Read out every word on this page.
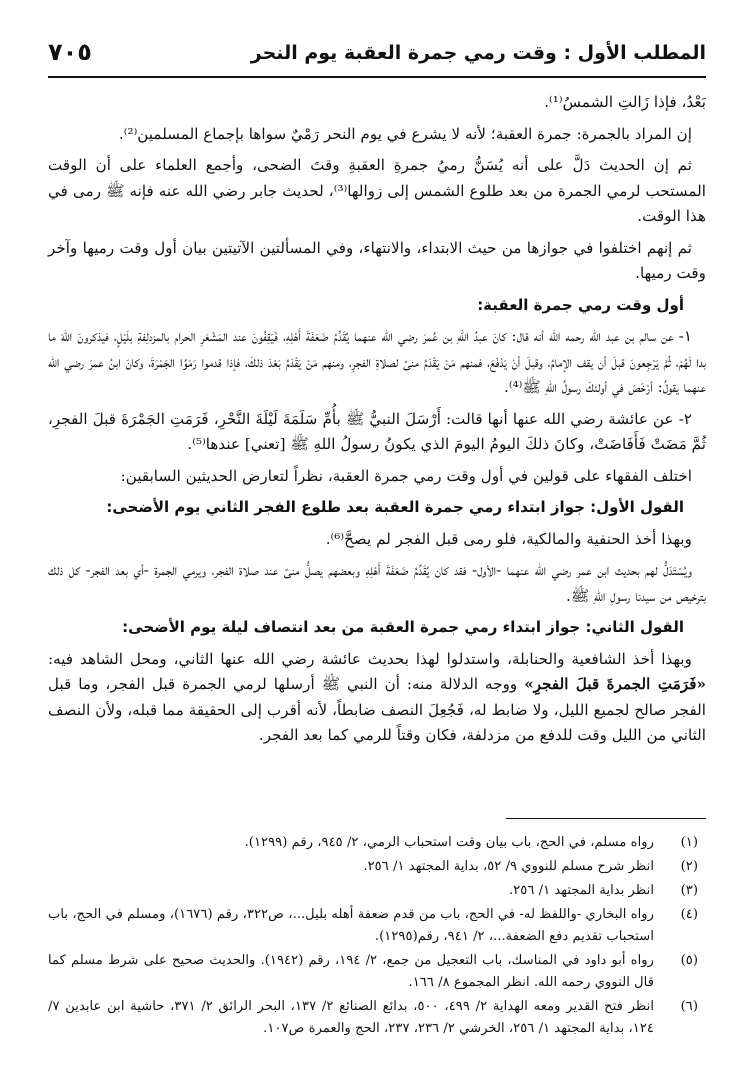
المطلب الأول : وقت رمي جمرة العقبة يوم النحر
٧٠٥

بَعْدُ، فإذا زَالتِ الشمسُ⁽¹⁾.

إن المراد بالجمرة: جمرة العقبة؛ لأنه لا يشرع في يوم النحر رَمْيٌ سواها بإجماع المسلمين⁽²⁾.

ثم إن الحديث دَلَّ على أنه يُسَنُّ رميُ جمرةِ العقبةِ وقتَ الضحى، وأجمع العلماء على أن الوقت المستحب لرمي الجمرة من بعد طلوع الشمس إلى زوالها⁽³⁾، لحديث جابر رضي الله عنه فإنه ﷺ رمى في هذا الوقت.

ثم إنهم اختلفوا في جوازها من حيث الابتداء، والانتهاء، وفي المسألتين الآتيتين بيان أول وقت رميها وآخر وقت رميها.

أول وقت رمي جمرة العقبة:

١- عن سالم بن عبد الله رحمه الله أنه قال: كانَ عبدُ اللهِ بن عُمرَ رضي الله عنهما يُقَدِّمُ ضَعَفَةَ أَهْلِهِ، فَيَقِفُونَ عند المَشْعَرِ الحرام بالمزدلِفةِ بلَيْلٍ، فيذكرونَ اللهَ ما بدا لَهُمْ، ثُمَّ يَرْجِعونَ قبلَ أن يقف الإمامُ، وقبلَ أنْ يَدْفَعَ، فمنهم مَنْ يَقْدَمُ منىً لصلاةِ الفجرِ، ومنهم مَنْ يَقْدَمُ بَعْدَ ذلكَ، فإذا قدموا رَمَوُا الجَمْرَةَ، وكانَ ابنُ عمرَ رضي الله عنهما يقولُ: أرْخَصَ في أولئكَ رسولُ اللهِ ﷺ⁽⁴⁾.

٢- عن عائشة رضي الله عنها أنها قالت: أَرْسَلَ النبيُّ ﷺ بأُمِّ سَلَمَةَ لَيْلَةَ النَّحْرِ، فَرَمَتِ الجَمْرَةَ قبلَ الفجرِ، ثُمَّ مَضَتْ فَأَفَاضَتْ، وكانَ ذلكَ اليومُ اليومَ الذي يكونُ رسولُ اللهِ ﷺ [تعني] عندها⁽⁵⁾.

اختلف الفقهاء على قولين في أول وقت رمي جمرة العقبة، نظراً لتعارض الحديثين السابقين:

القول الأول: جواز ابتداء رمي جمرة العقبة بعد طلوع الفجر الثاني يوم الأضحى:

وبهذا أخذ الحنفية والمالكية، فلو رمى قبل الفجر لم يصحَّ⁽⁶⁾.

ويُسْتَدَلُّ لهم بحديث ابن عمر رضي الله عنهما -الأول- فقد كان يُقَدِّمُ ضَعَفَةَ أَهْلِهِ وبعضهم يصلُّ منىً عند صلاة الفجر، ويرمي الجمرة -أي بعد الفجر- كل ذلك بترخيص من سيدنا رسولِ اللهِ ﷺ.

القول الثاني: جواز ابتداء رمي جمرة العقبة من بعد انتصاف ليلة يوم الأضحى:

وبهذا أخذ الشافعية والحنابلة، واستدلوا لهذا بحديث عائشة رضي الله عنها الثاني، ومحل الشاهد فيه: «فَرَمَتِ الجمرةَ قبلَ الفجرِ» ووجه الدلالة منه: أن النبي ﷺ أرسلها لرمي الجمرة قبل الفجر، وما قبل الفجر صالح لجميع الليل، ولا ضابط له، فَجُعِلَ النصف ضابطاً، لأنه أقرب إلى الحقيقة مما قبله، ولأن النصف الثاني من الليل وقت للدفع من مزدلفة، فكان وقتاً للرمي كما بعد الفجر.

(١)
رواه مسلم، في الحج، باب بيان وقت استحباب الرمي، ٢/ ٩٤٥، رقم (١٢٩٩).
(٢)
انظر شرح مسلم للنووي ٩/ ٥٢، بداية المجتهد ١/ ٢٥٦.
(٣)
انظر بداية المجتهد ١/ ٢٥٦.
(٤)
رواه البخاري -واللفظ له- في الحج، باب من قدم ضعفة أهله بليل...، ص٣٢٢، رقم (١٦٧٦)، ومسلم في الحج، باب استحباب تقديم دفع الضعفة...، ٢/ ٩٤١، رقم(١٢٩٥).
(٥)
رواه أبو داود في المناسك، باب التعجيل من جمع، ٢/ ١٩٤، رقم (١٩٤٢). والحديث صحيح على شرط مسلم كما قال النووي رحمه الله. انظر المجموع ٨/ ١٦٦.
(٦)
انظر فتح القدير ومعه الهداية ٢/ ٤٩٩، ٥٠٠، بدائع الصنائع ٢/ ١٣٧، البحر الرائق ٢/ ٣٧١، حاشية ابن عابدين ٧/ ١٢٤، بداية المجتهد ١/ ٢٥٦، الخرشي ٢/ ٢٣٦، ٢٣٧، الحج والعمرة ص١٠٧.
